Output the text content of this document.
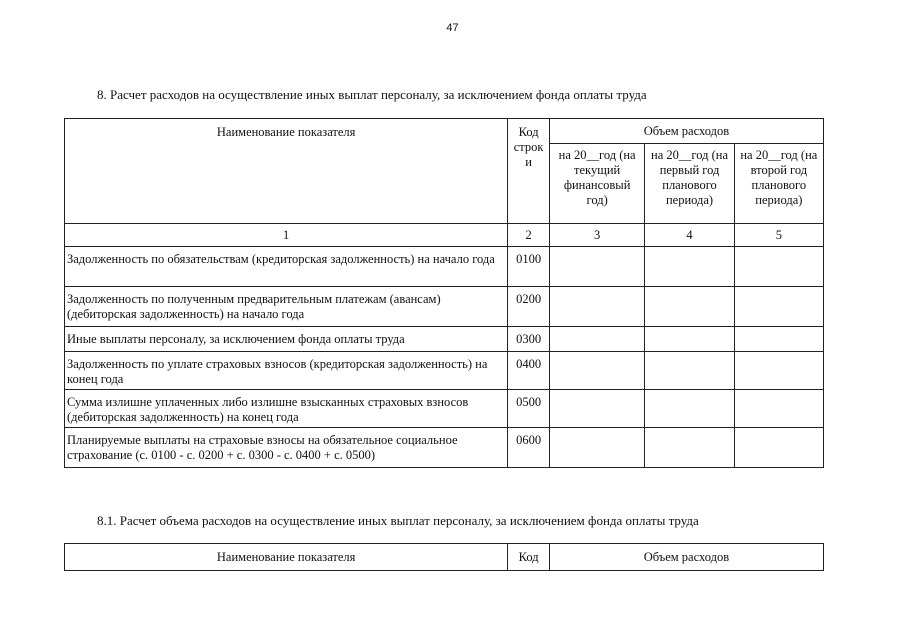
47
8. Расчет расходов на осуществление иных выплат персоналу, за исключением фонда оплаты труда
Наименование показателя	Код строк и	Объем расходов		
		на 20__год (на текущий финансовый год)	на 20__год (на первый год планового периода)	на 20__год (на второй год планового периода)
1	2	3	4	5
Задолженность по обязательствам (кредиторская задолженность) на начало года	0100			
Задолженность по полученным предварительным платежам (авансам) (дебиторская задолженность) на начало года	0200			
Иные выплаты персоналу, за исключением фонда оплаты труда	0300			
Задолженность по уплате страховых взносов (кредиторская задолженность) на конец года	0400			
Сумма излишне уплаченных либо излишне взысканных страховых взносов (дебиторская задолженность) на конец года	0500			
Планируемые выплаты на страховые взносы на обязательное социальное страхование (с. 0100 - с. 0200 + с. 0300 - с. 0400 + с. 0500)	0600			
8.1. Расчет объема расходов на осуществление иных выплат персоналу, за исключением фонда оплаты труда
Наименование показателя	Код	Объем расходов
